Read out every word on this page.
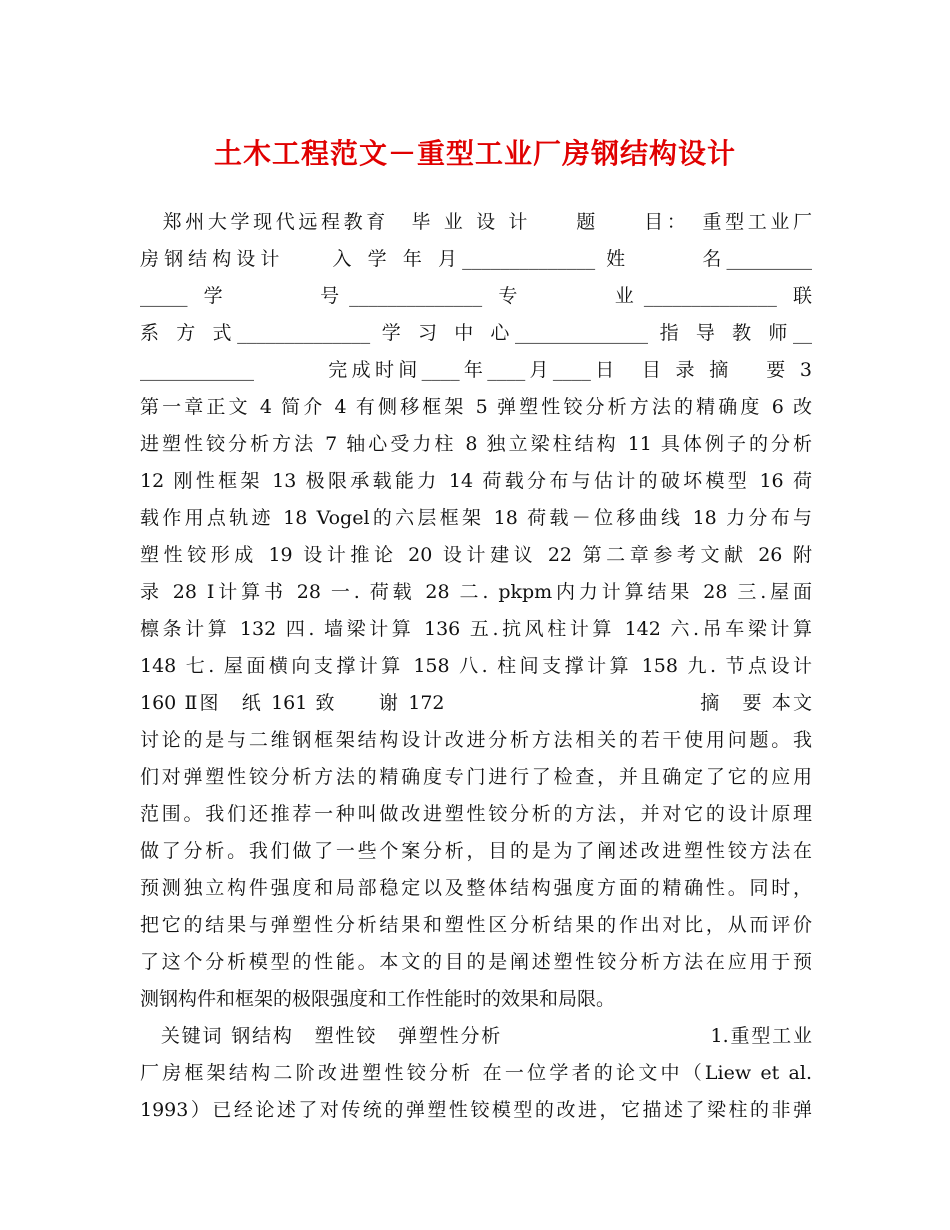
土木工程范文－重型工业厂房钢结构设计
　郑州大学现代远程教育　毕 业 设 计　　题　　目：　重型工业厂
房钢结构设计　　入 学 年 月______________ 姓　　　名_________
_____ 学　　　号______________ 专　　　业______________ 联
系 方 式______________ 学 习 中 心______________ 指 导 教 师__
____________　　　完成时间____年____月____日　目 录 摘　 要 3
第一章正文 4 简介 4 有侧移框架 5 弹塑性铰分析方法的精确度 6 改
进塑性铰分析方法 7 轴心受力柱 8 独立梁柱结构 11 具体例子的分析
12 刚性框架 13 极限承载能力 14 荷载分布与估计的破坏模型 16 荷
载作用点轨迹 18 Vogel的六层框架 18 荷载－位移曲线 18 力分布与
塑性铰形成 19 设计推论 20 设计建议 22 第二章参考文献 26 附
录 28 Ⅰ计算书 28 一. 荷载 28 二. pkpm内力计算结果 28 三.屋面
檩条计算 132 四. 墙梁计算 136 五.抗风柱计算 142 六.吊车梁计算
148 七. 屋面横向支撑计算 158 八. 柱间支撑计算 158 九. 节点设计
160 Ⅱ图　纸 161 致　　谢 172　　　　　　　　　　　　摘　要 本文
讨论的是与二维钢框架结构设计改进分析方法相关的若干使用问题。我
们对弹塑性铰分析方法的精确度专门进行了检查，并且确定了它的应用
范围。我们还推荐一种叫做改进塑性铰分析的方法，并对它的设计原理
做了分析。我们做了一些个案分析，目的是为了阐述改进塑性铰方法在
预测独立构件强度和局部稳定以及整体结构强度方面的精确性。同时，
把它的结果与弹塑性分析结果和塑性区分析结果的作出对比，从而评价
了这个分析模型的性能。本文的目的是阐述塑性铰分析方法在应用于预
测钢构件和框架的极限强度和工作性能时的效果和局限。
　关键词 钢结构　塑性铰　弹塑性分析　　　　　　　　　　1.重型工业
厂房框架结构二阶改进塑性铰分析 在一位学者的论文中（Liew et al.
1993）已经论述了对传统的弹塑性铰模型的改进，它描述了梁柱的非弹
